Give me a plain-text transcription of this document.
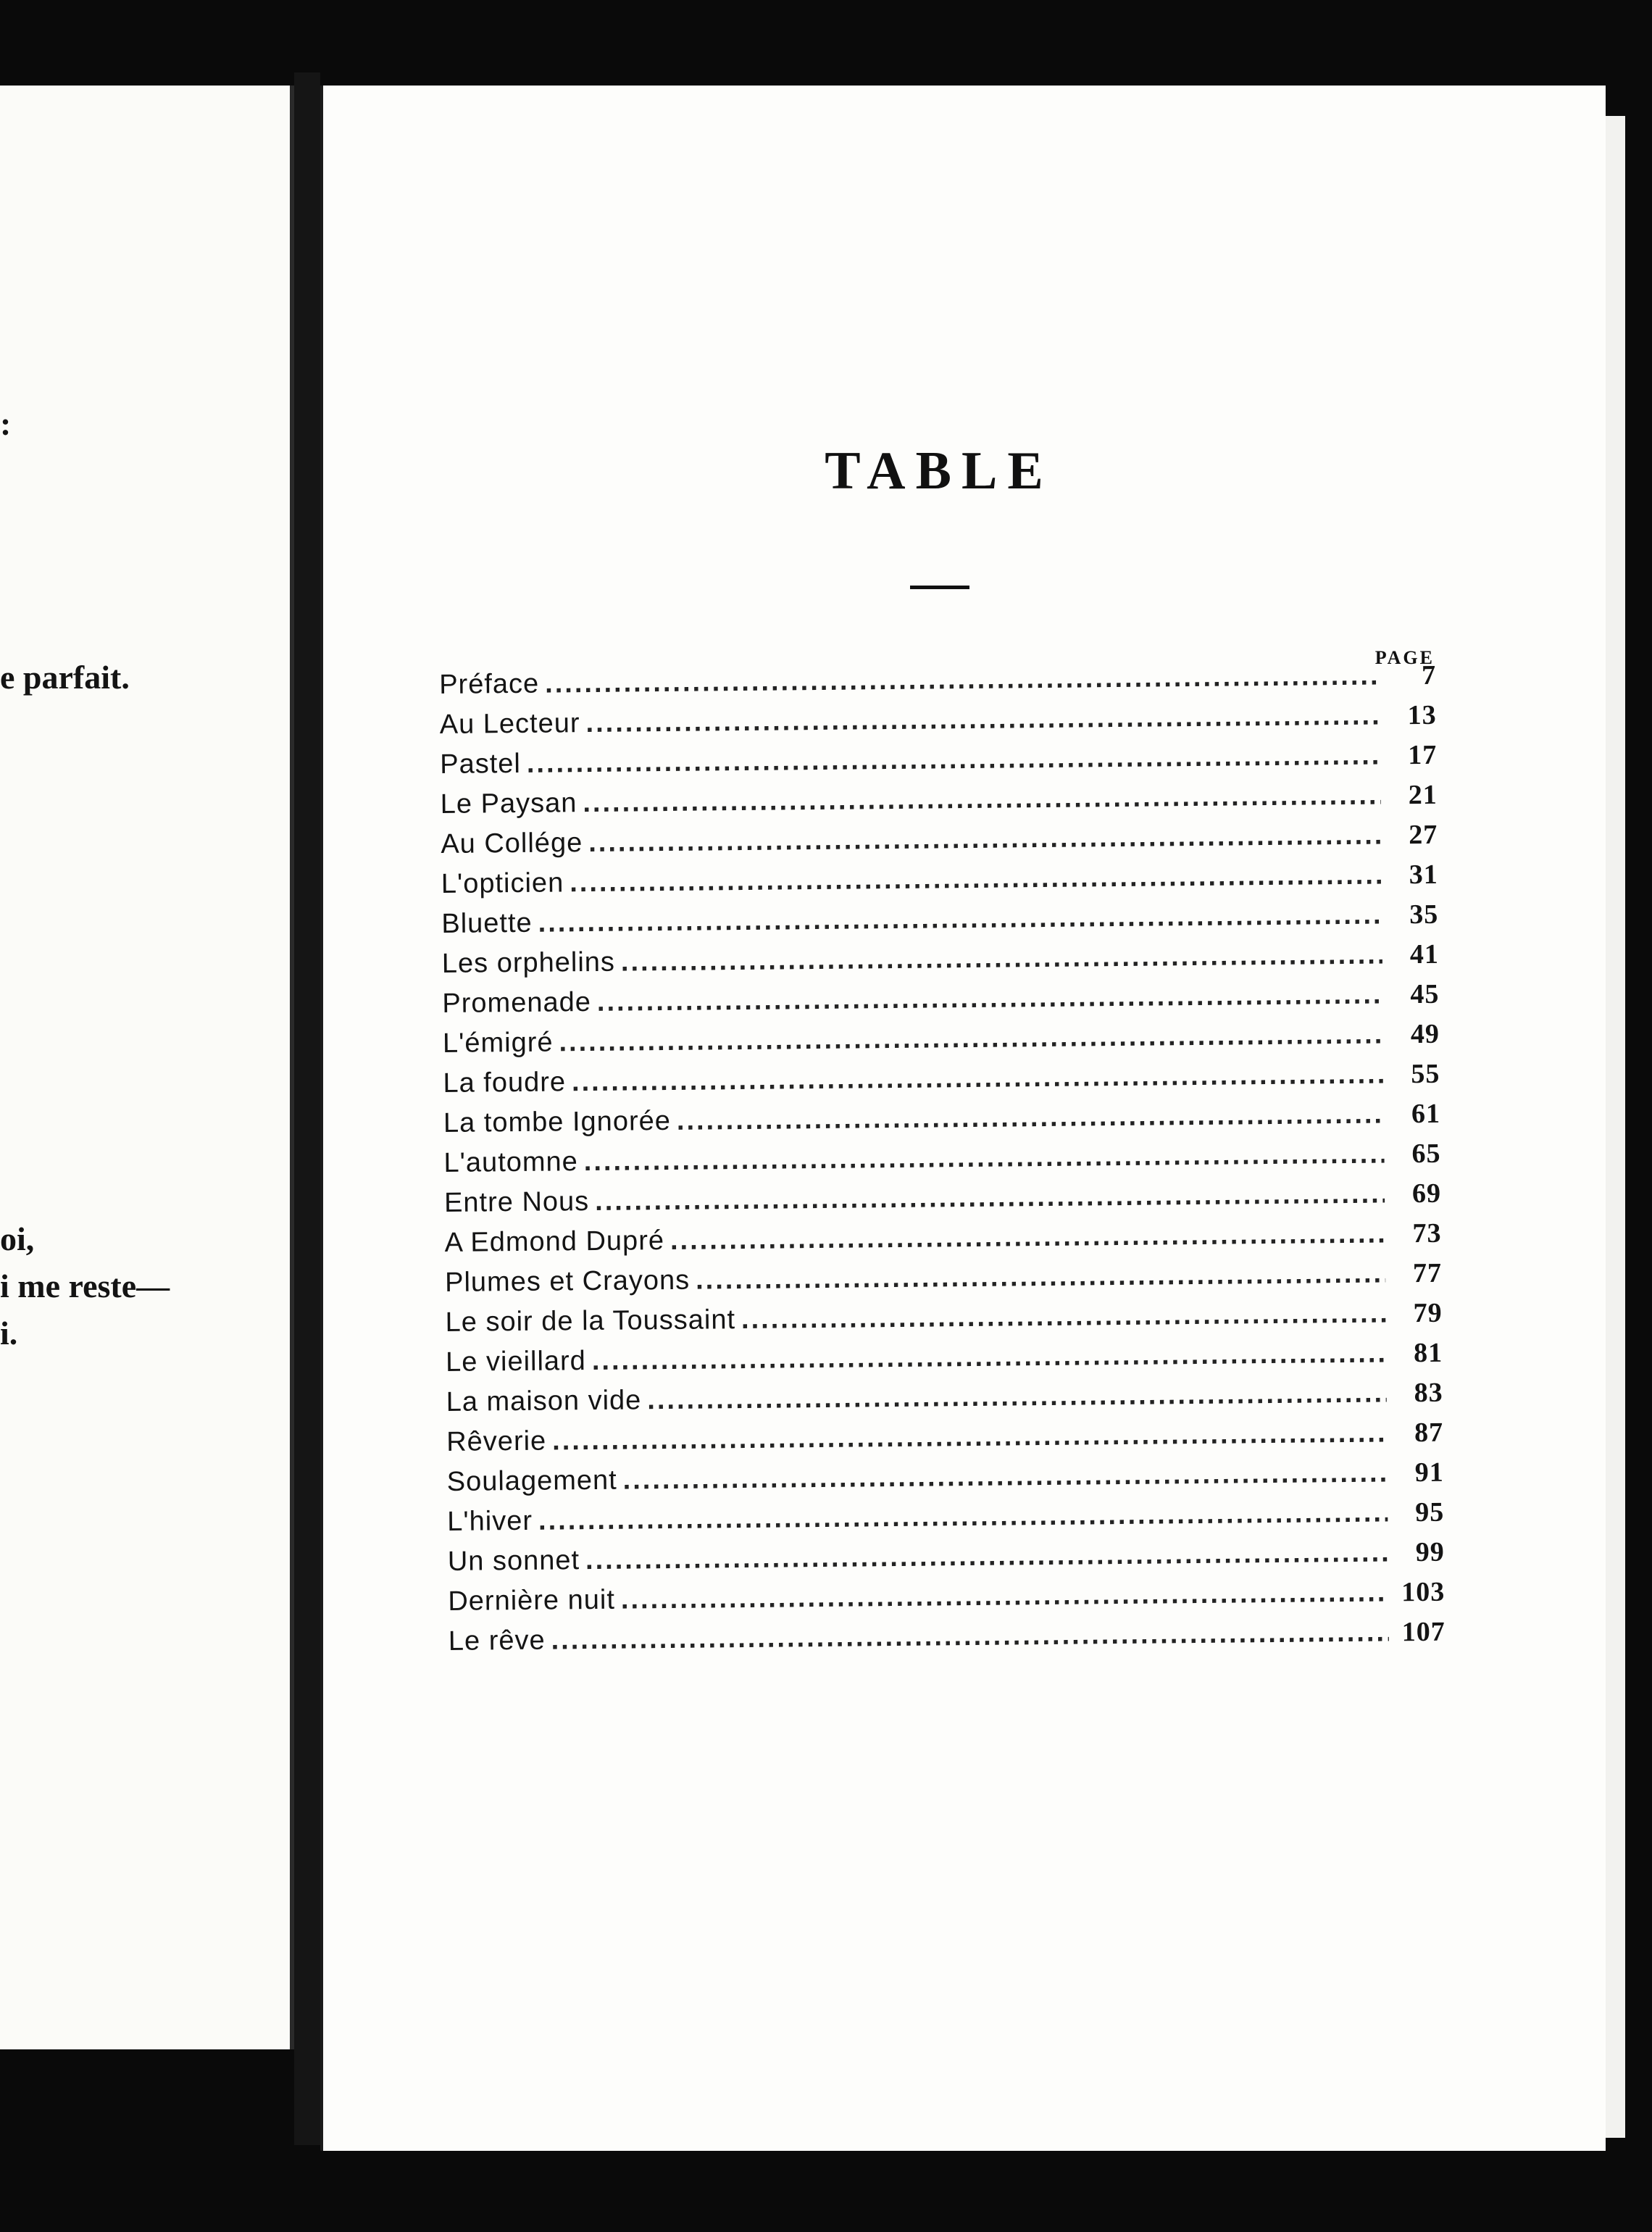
:
e parfait.
oi,
i me reste—
i.
TABLE
PAGE
Préface .....	7
Au Lecteur .....	13
Pastel .....	17
Le Paysan .....	21
Au Collége .....	27
L'opticien .....	31
Bluette .....	35
Les orphelins .....	41
Promenade .....	45
L'émigré .....	49
La foudre .....	55
La tombe Ignorée .....	61
L'automne .....	65
Entre Nous .....	69
A Edmond Dupré .....	73
Plumes et Crayons .....	77
Le soir de la Toussaint .....	79
Le vieillard .....	81
La maison vide .....	83
Rêverie .....	87
Soulagement .....	91
L'hiver .....	95
Un sonnet .....	99
Dernière nuit .....	103
Le rêve .....	107
